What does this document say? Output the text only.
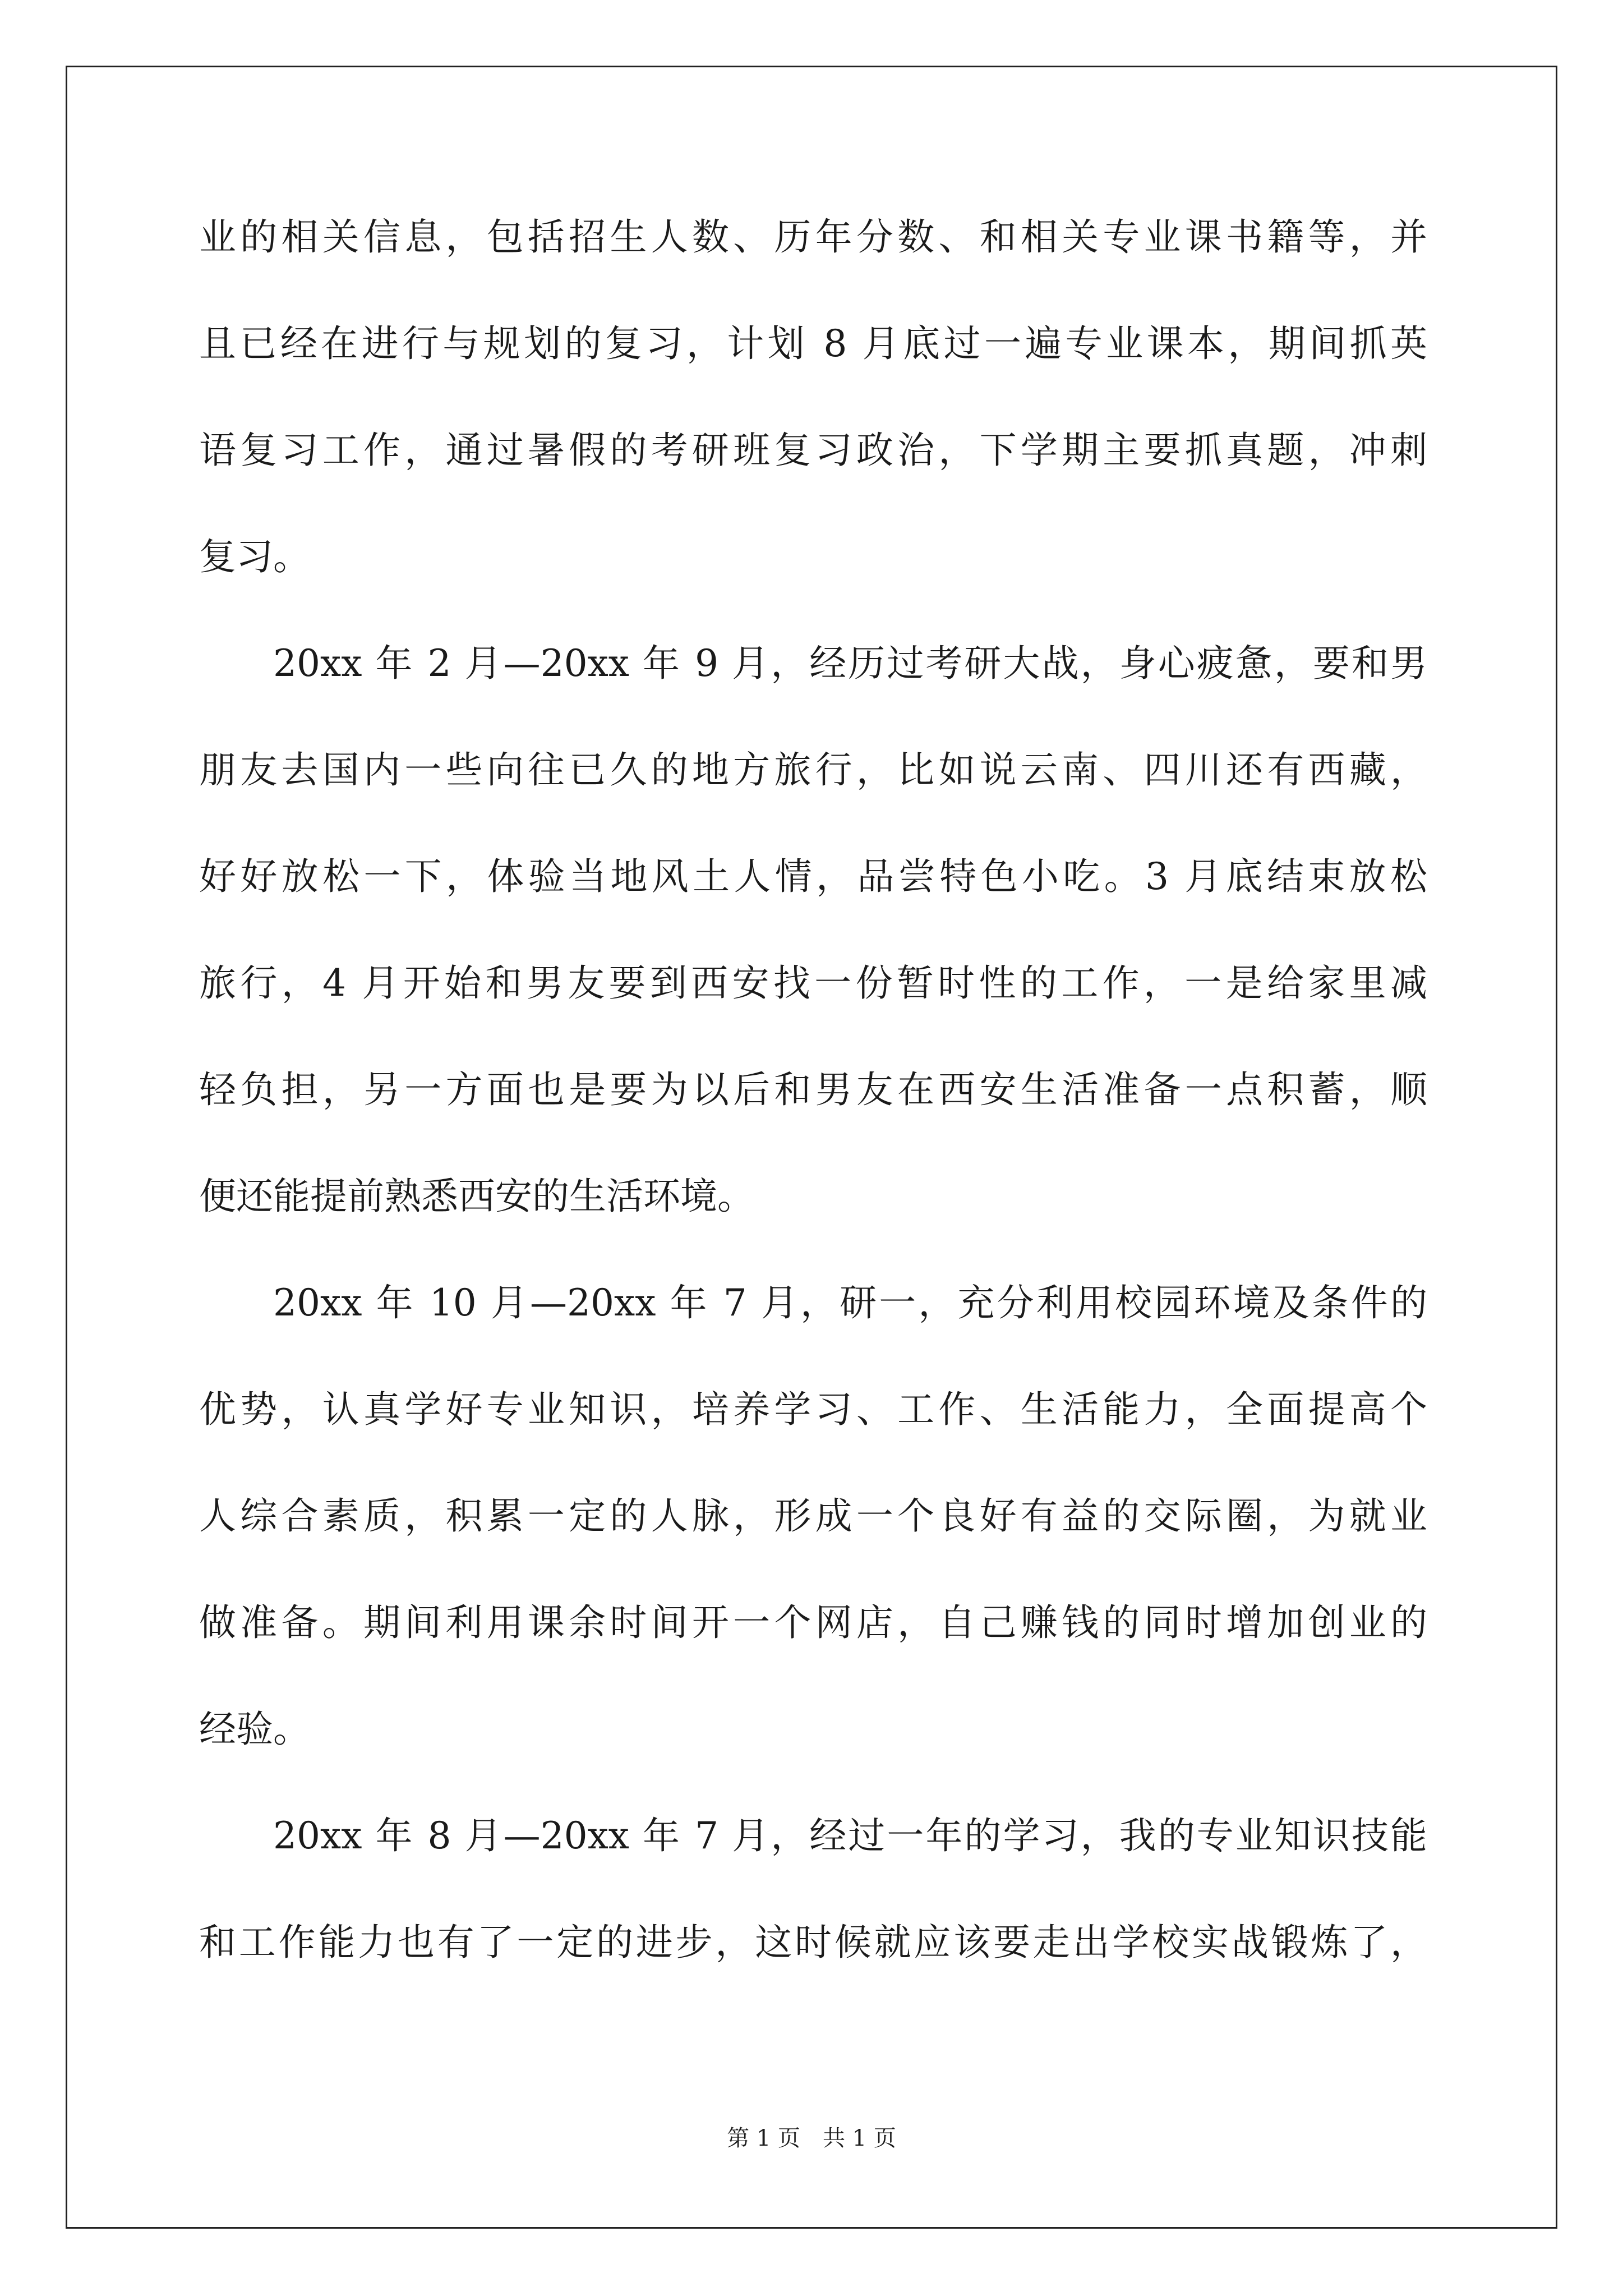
业的相关信息，包括招生人数、历年分数、和相关专业课书籍等，并
且已经在进行与规划的复习，计划 8 月底过一遍专业课本，期间抓英
语复习工作，通过暑假的考研班复习政治，下学期主要抓真题，冲刺
复习。
20xx 年 2 月—20xx 年 9 月，经历过考研大战，身心疲惫，要和男
朋友去国内一些向往已久的地方旅行，比如说云南、四川还有西藏，
好好放松一下，体验当地风土人情，品尝特色小吃。3 月底结束放松
旅行，4 月开始和男友要到西安找一份暂时性的工作，一是给家里减
轻负担，另一方面也是要为以后和男友在西安生活准备一点积蓄，顺
便还能提前熟悉西安的生活环境。
20xx 年 10 月—20xx 年 7 月，研一，充分利用校园环境及条件的
优势，认真学好专业知识，培养学习、工作、生活能力，全面提高个
人综合素质，积累一定的人脉，形成一个良好有益的交际圈，为就业
做准备。期间利用课余时间开一个网店，自己赚钱的同时增加创业的
经验。
20xx 年 8 月—20xx 年 7 月，经过一年的学习，我的专业知识技能
和工作能力也有了一定的进步，这时候就应该要走出学校实战锻炼了，
第 1 页　共 1 页
